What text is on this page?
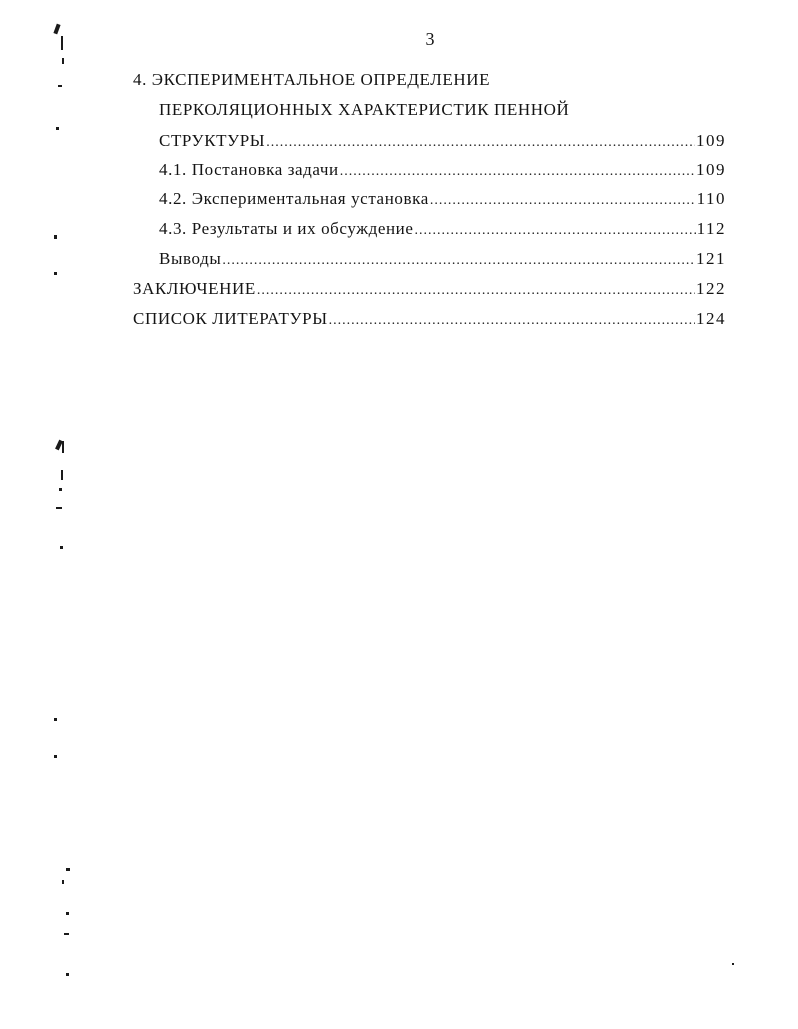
3
4. ЭКСПЕРИМЕНТАЛЬНОЕ ОПРЕДЕЛЕНИЕ
ПЕРКОЛЯЦИОННЫХ ХАРАКТЕРИСТИК ПЕННОЙ
СТРУКТУРЫ .....	109
4.1. Постановка задачи .....	109
4.2. Экспериментальная установка .....	110
4.3. Результаты и их обсуждение .....	112
Выводы .....	121
ЗАКЛЮЧЕНИЕ .....	122
СПИСОК ЛИТЕРАТУРЫ .....	124
